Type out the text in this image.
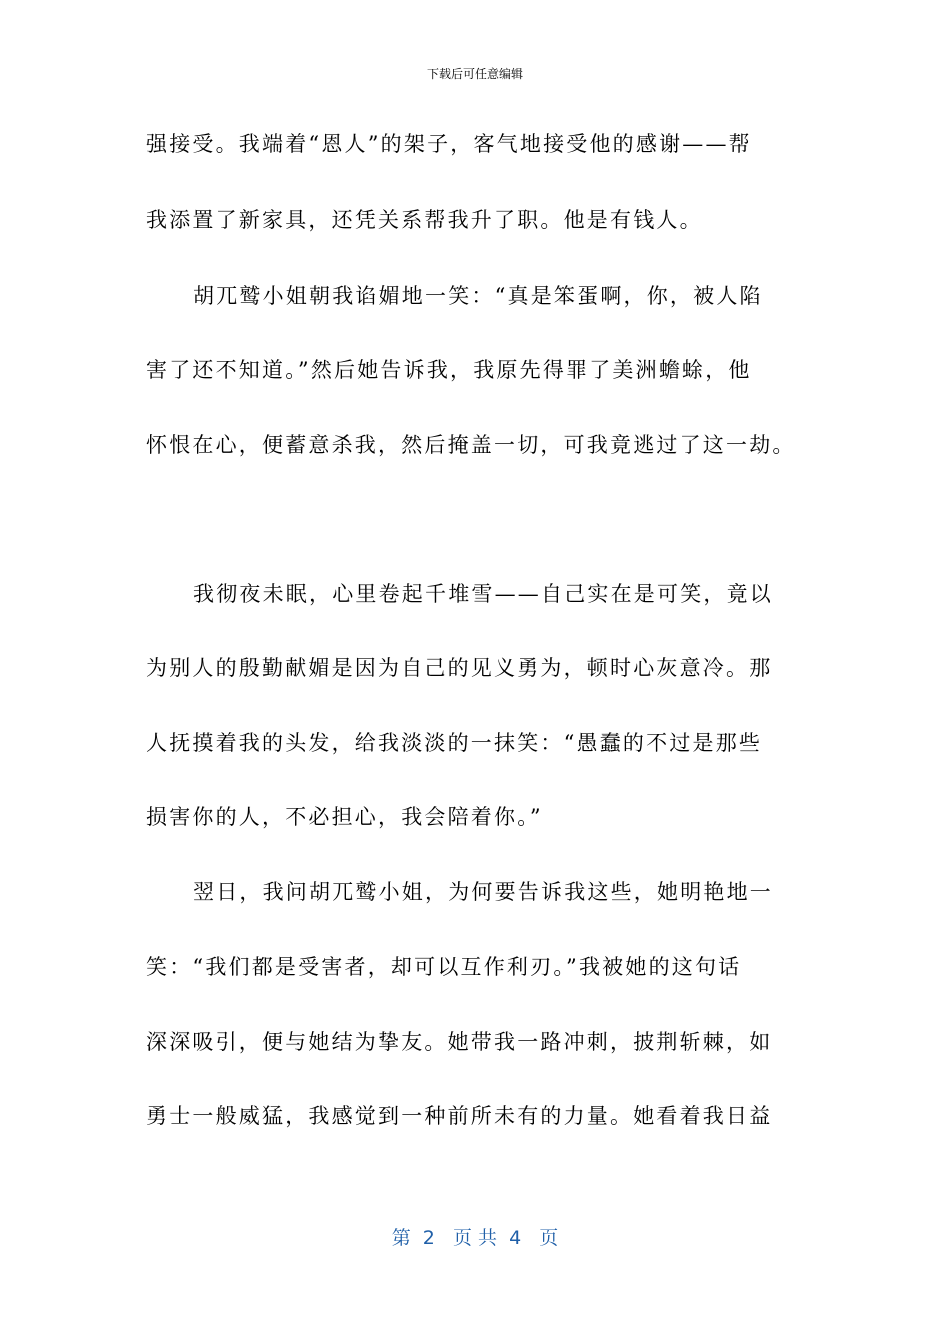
下载后可任意编辑
强接受。我端着“恩人”的架子，客气地接受他的感谢——帮
我添置了新家具，还凭关系帮我升了职。他是有钱人。
胡兀鹫小姐朝我谄媚地一笑：“真是笨蛋啊，你，被人陷
害了还不知道。”然后她告诉我，我原先得罪了美洲蟾蜍，他
怀恨在心，便蓄意杀我，然后掩盖一切，可我竟逃过了这一劫。
我彻夜未眠，心里卷起千堆雪——自己实在是可笑，竟以
为别人的殷勤献媚是因为自己的见义勇为，顿时心灰意冷。那
人抚摸着我的头发，给我淡淡的一抹笑：“愚蠢的不过是那些
损害你的人，不必担心，我会陪着你。”
翌日，我问胡兀鹫小姐，为何要告诉我这些，她明艳地一
笑：“我们都是受害者，却可以互作利刃。”我被她的这句话
深深吸引，便与她结为挚友。她带我一路冲刺，披荆斩棘，如
勇士一般威猛，我感觉到一种前所未有的力量。她看着我日益
第  2   页 共  4   页
